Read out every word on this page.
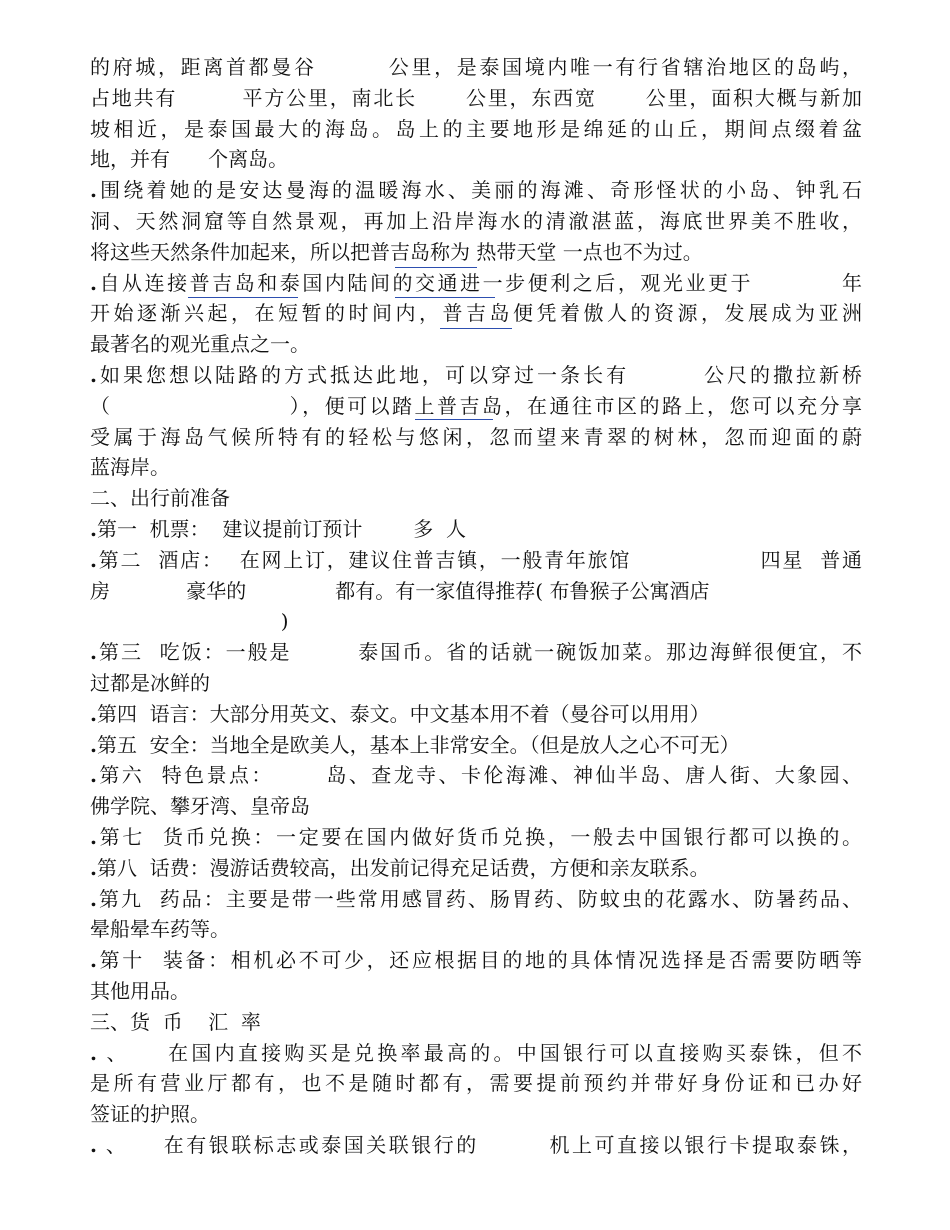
的府城，距离首都曼谷        公里，是泰国境内唯一有行省辖治地区的岛屿，
占地共有        平方公里，南北长      公里，东西宽      公里，面积大概与新加
坡相近，是泰国最大的海岛。岛上的主要地形是绵延的山丘，期间点缀着盆
地，并有      个离岛。
.围绕着她的是安达曼海的温暖海水、美丽的海滩、奇形怪状的小岛、钟乳石
洞、天然洞窟等自然景观，再加上沿岸海水的清澈湛蓝，海底世界美不胜收，
将这些天然条件加起来，所以把普吉岛称为 热带天堂 一点也不为过。
.自从连接普吉岛和泰国内陆间的交通进一步便利之后，观光业更于          年
开始逐渐兴起，在短暂的时间内，普吉岛便凭着傲人的资源，发展成为亚洲
最著名的观光重点之一。
.如果您想以陆路的方式抵达此地，可以穿过一条长有        公尺的撒拉新桥
（                    ），便可以踏上普吉岛，在通往市区的路上，您可以充分享
受属于海岛气候所特有的轻松与悠闲，忽而望来青翠的树林，忽而迎面的蔚
蓝海岸。
二、出行前准备
.第一  机票：  建议提前订预计        多  人
.第二  酒店：  在网上订，建议住普吉镇，一般青年旅馆                四星  普通
房            豪华的              都有。有一家值得推荐( 布鲁猴子公寓酒店
)
.第三  吃饭：一般是        泰国币。省的话就一碗饭加菜。那边海鲜很便宜，不
过都是冰鲜的
.第四  语言：大部分用英文、泰文。中文基本用不着（曼谷可以用用）
.第五  安全：当地全是欧美人，基本上非常安全。（但是放人之心不可无）
.第六  特色景点：      岛、查龙寺、卡伦海滩、神仙半岛、唐人街、大象园、
佛学院、攀牙湾、皇帝岛
.第七  货币兑换：一定要在国内做好货币兑换，一般去中国银行都可以换的。
.第八  话费：漫游话费较高，出发前记得充足话费，方便和亲友联系。
.第九  药品：主要是带一些常用感冒药、肠胃药、防蚊虫的花露水、防暑药品、
晕船晕车药等。
.第十  装备：相机必不可少，还应根据目的地的具体情况选择是否需要防晒等
其他用品。
三、货  币    汇  率
. 、    在国内直接购买是兑换率最高的。中国银行可以直接购买泰铢，但不
是所有营业厅都有，也不是随时都有，需要提前预约并带好身份证和已办好
签证的护照。
. 、    在有银联标志或泰国关联银行的        机上可直接以银行卡提取泰铢，
